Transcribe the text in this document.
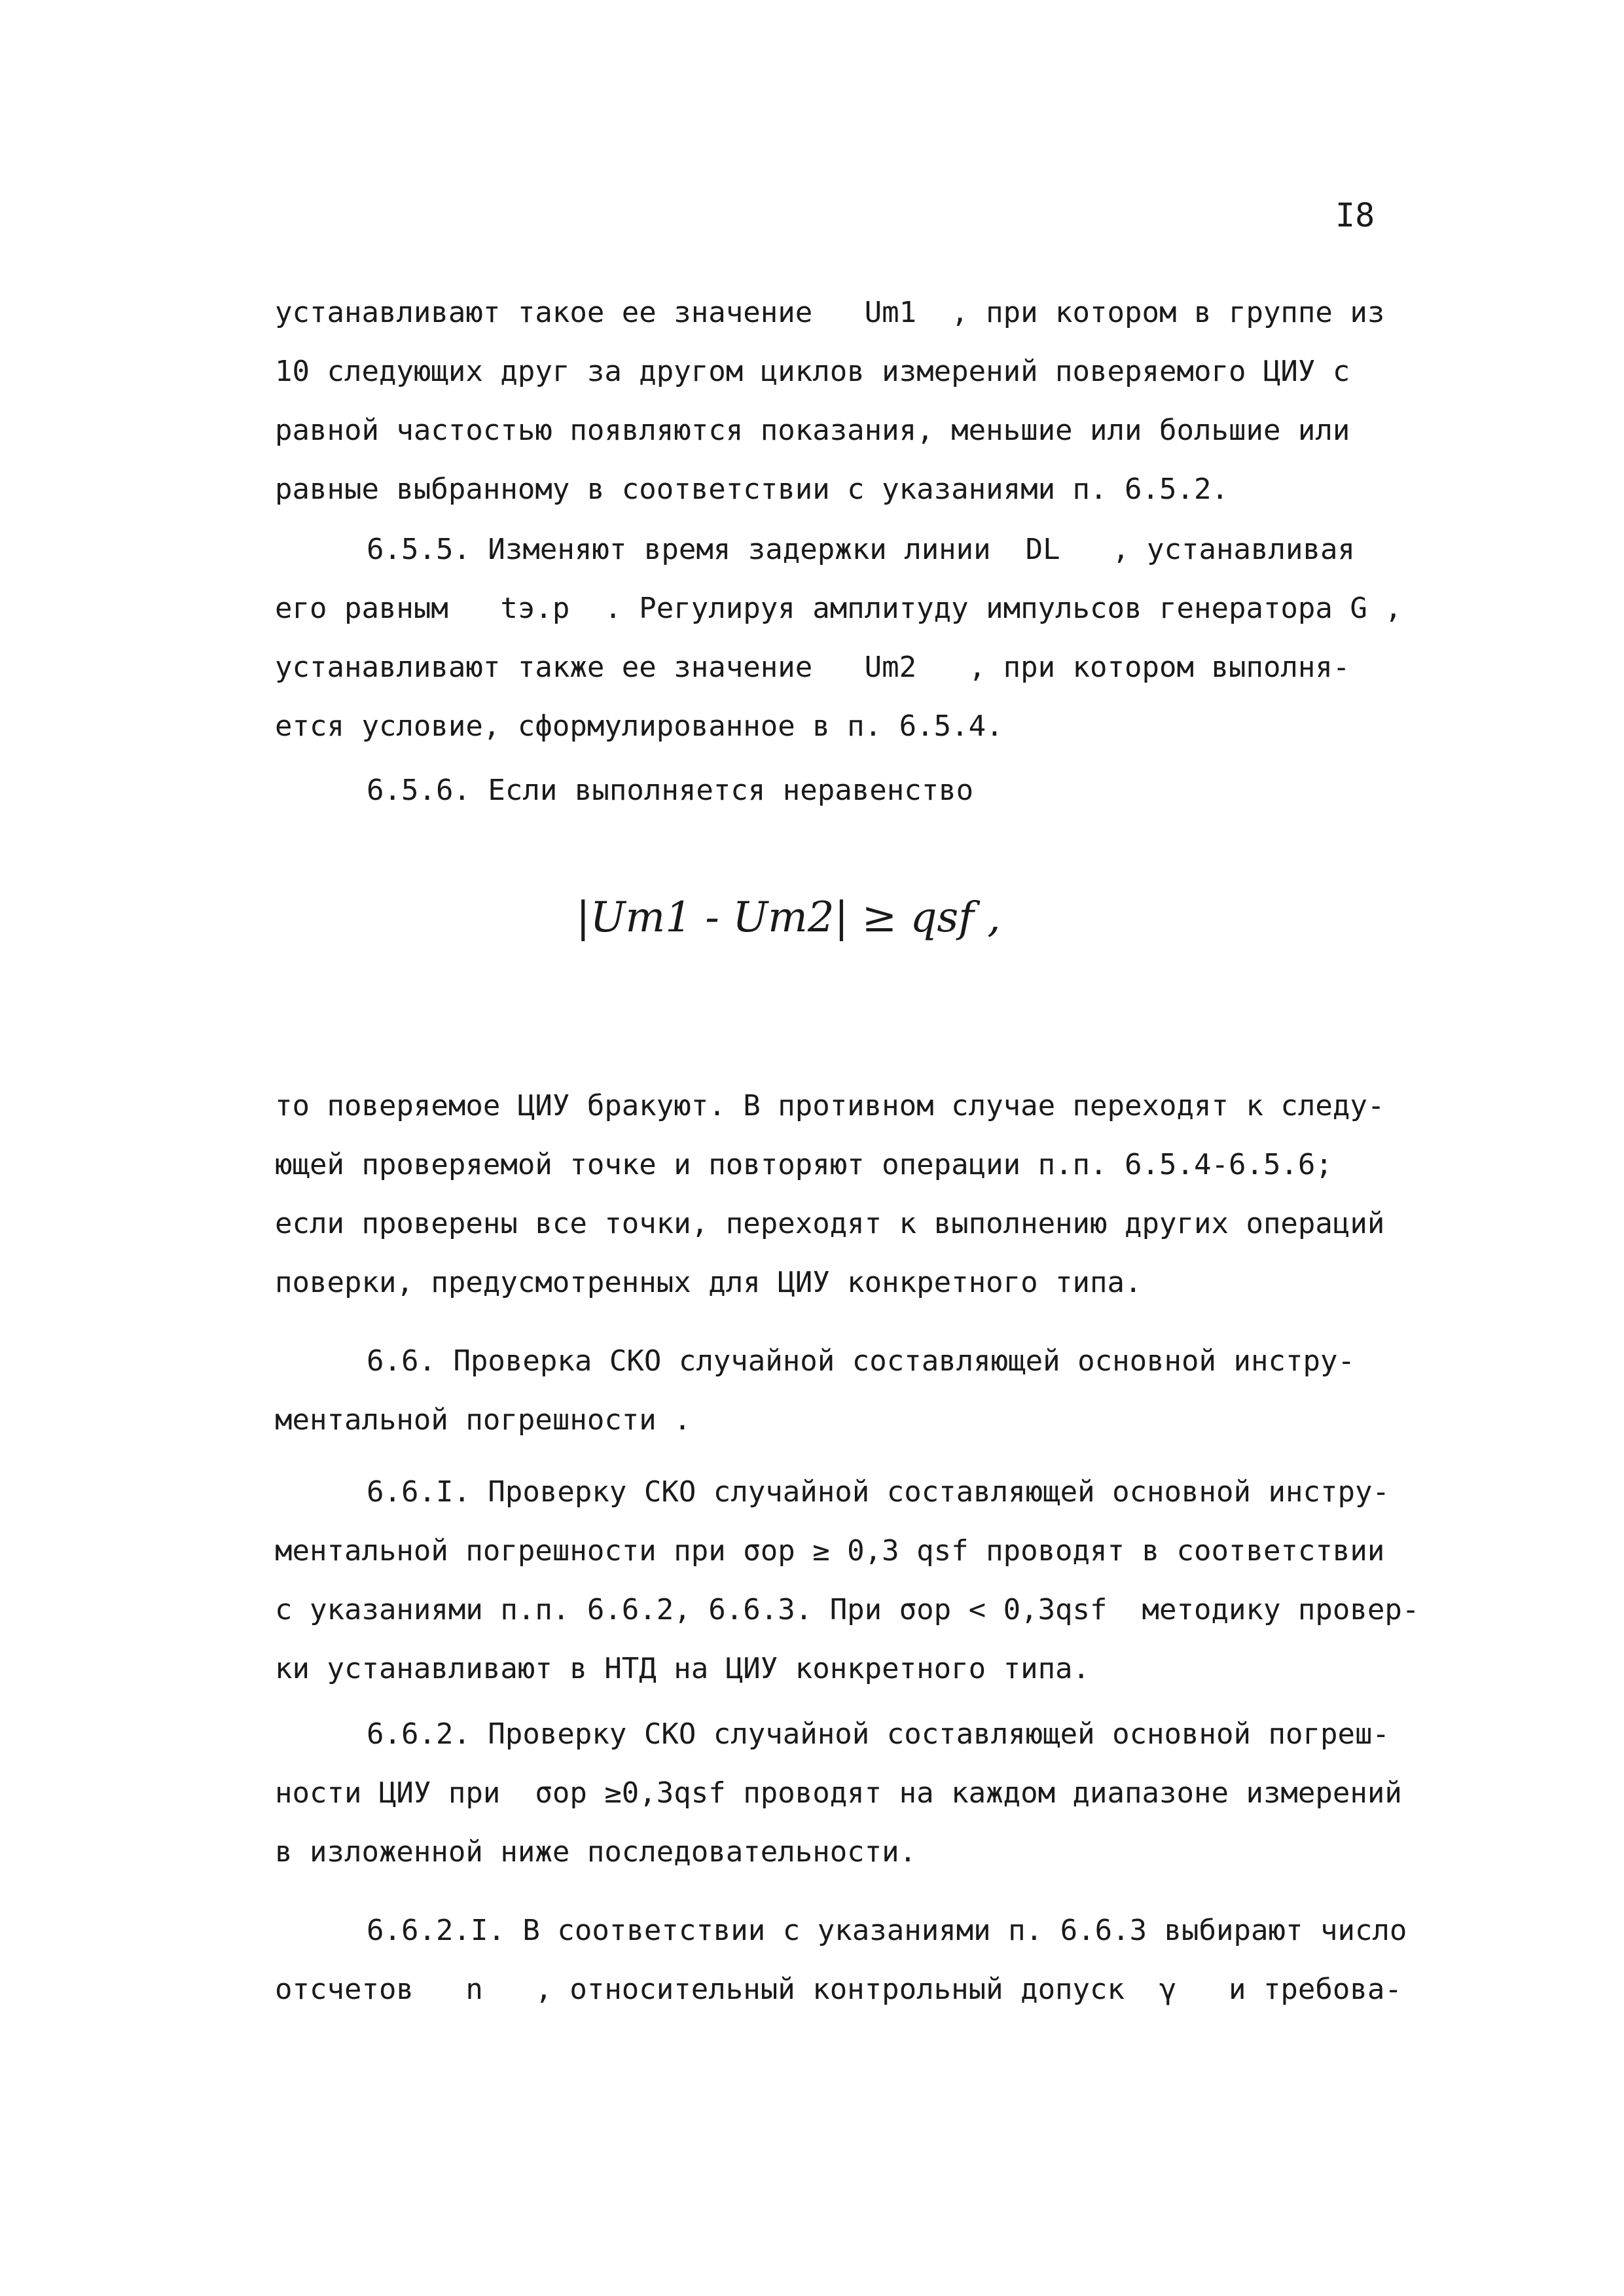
I8
устанавливают такое ее значение   Um1  , при котором в группе из
10 следующих друг за другом циклов измерений поверяемого ЦИУ с
равной частостью появляются показания, меньшие или большие или
равные выбранному в соответствии с указаниями п. 6.5.2.
6.5.5. Изменяют время задержки линии  DL   , устанавливая
его равным   tэ.р  . Регулируя амплитуду импульсов генератора G ,
устанавливают также ее значение   Um2   , при котором выполня-
ется условие, сформулированное в п. 6.5.4.
6.5.6. Если выполняется неравенство
|Um1 - Um2| ≥ qsf ,
то поверяемое ЦИУ бракуют. В противном случае переходят к следу-
ющей проверяемой точке и повторяют операции п.п. 6.5.4-6.5.6;
если проверены все точки, переходят к выполнению других операций
поверки, предусмотренных для ЦИУ конкретного типа.
6.6. Проверка СКО случайной составляющей основной инстру-
ментальной погрешности .
6.6.I. Проверку СКО случайной составляющей основной инстру-
ментальной погрешности при σор ≥ 0,3 qsf проводят в соответствии
с указаниями п.п. 6.6.2, 6.6.3. При σор < 0,3qsf  методику провер-
ки устанавливают в НТД на ЦИУ конкретного типа.
6.6.2. Проверку СКО случайной составляющей основной погреш-
ности ЦИУ при  σор ≥0,3qsf проводят на каждом диапазоне измерений
в изложенной ниже последовательности.
6.6.2.I. В соответствии с указаниями п. 6.6.3 выбирают число
отсчетов   n   , относительный контрольный допуск  γ   и требова-
